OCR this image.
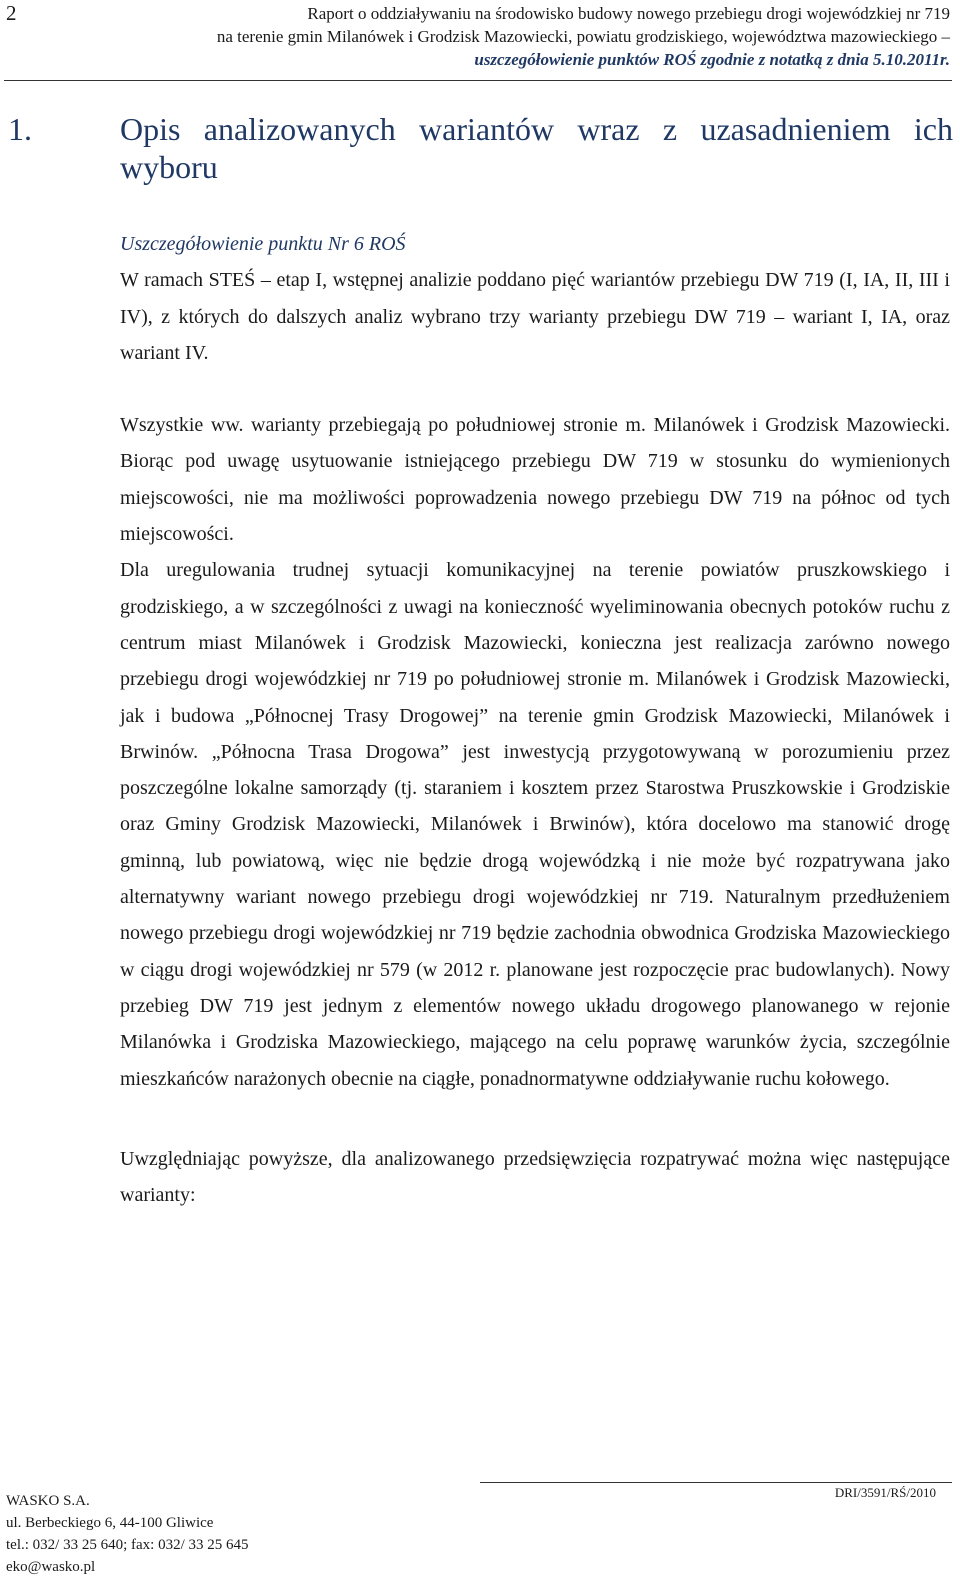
2	Raport o oddziaływaniu na środowisko budowy nowego przebiegu drogi wojewódzkiej nr 719
na terenie gmin Milanówek i Grodzisk Mazowiecki, powiatu grodziskiego, województwa mazowieckiego –
uszczegółowienie punktów ROŚ zgodnie z notatką z dnia 5.10.2011r.
1.	Opis analizowanych wariantów wraz z uzasadnieniem ich wyboru

Uszczegółowienie punktu Nr 6 ROŚ

W ramach STEŚ – etap I, wstępnej analizie poddano pięć wariantów przebiegu DW 719 (I, IA, II, III i IV), z których do dalszych analiz wybrano trzy warianty przebiegu DW 719 – wariant I, IA, oraz wariant IV.

Wszystkie ww. warianty przebiegają po południowej stronie m. Milanówek i Grodzisk Mazowiecki. Biorąc pod uwagę usytuowanie istniejącego przebiegu DW 719 w stosunku do wymienionych miejscowości, nie ma możliwości poprowadzenia nowego przebiegu DW 719 na północ od tych miejscowości.

Dla uregulowania trudnej sytuacji komunikacyjnej na terenie powiatów pruszkowskiego i grodziskiego, a w szczególności z uwagi na konieczność wyeliminowania obecnych potoków ruchu z centrum miast Milanówek i Grodzisk Mazowiecki, konieczna jest realizacja zarówno nowego przebiegu drogi wojewódzkiej nr 719 po południowej stronie m. Milanówek i Grodzisk Mazowiecki, jak i budowa „Północnej Trasy Drogowej” na terenie gmin Grodzisk Mazowiecki, Milanówek i Brwinów. „Północna Trasa Drogowa” jest inwestycją przygotowywaną w porozumieniu przez poszczególne lokalne samorządy (tj. staraniem i kosztem przez Starostwa Pruszkowskie i Grodziskie oraz Gminy Grodzisk Mazowiecki, Milanówek i Brwinów), która docelowo ma stanowić drogę gminną, lub powiatową, więc nie będzie drogą wojewódzką i nie może być rozpatrywana jako alternatywny wariant nowego przebiegu drogi wojewódzkiej nr 719. Naturalnym przedłużeniem nowego przebiegu drogi wojewódzkiej nr 719 będzie zachodnia obwodnica Grodziska Mazowieckiego w ciągu drogi wojewódzkiej nr 579 (w 2012 r. planowane jest rozpoczęcie prac budowlanych). Nowy przebieg DW 719 jest jednym z elementów nowego układu drogowego planowanego w rejonie Milanówka i Grodziska Mazowieckiego, mającego na celu poprawę warunków życia, szczególnie mieszkańców narażonych obecnie na ciągłe, ponadnormatywne oddziaływanie ruchu kołowego.

Uwzględniając powyższe, dla analizowanego przedsięwzięcia rozpatrywać można więc następujące warianty:

WASKO S.A.
ul. Berbeckiego 6, 44-100 Gliwice
tel.: 032/ 33 25 640; fax: 032/ 33 25 645
eko@wasko.pl
DRI/3591/RŚ/2010
